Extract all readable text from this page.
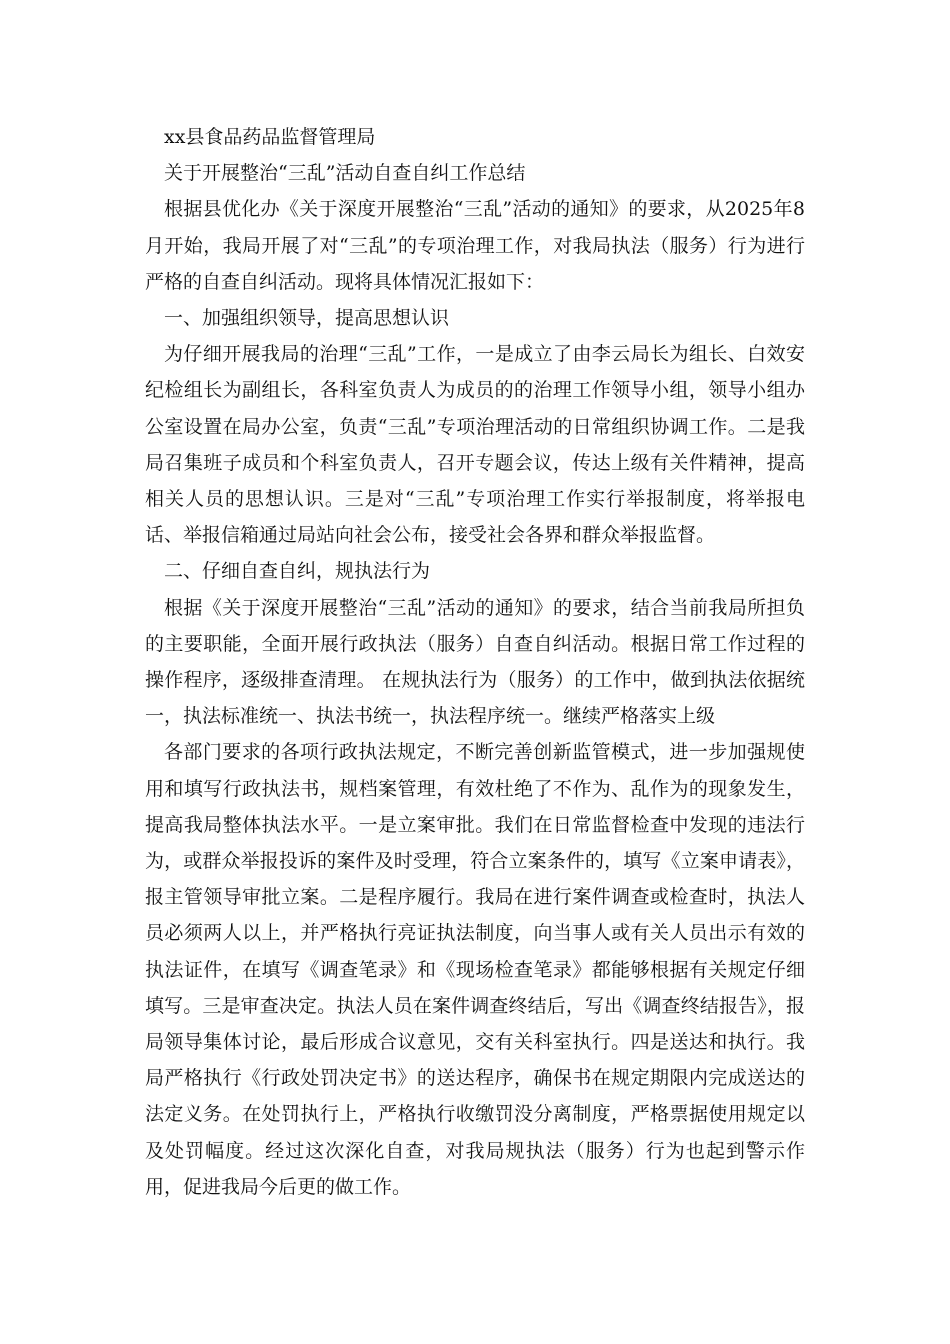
xx县食品药品监督管理局

关于开展整治“三乱”活动自查自纠工作总结

根据县优化办《关于深度开展整治“三乱”活动的通知》的要求，从2025年8月开始，我局开展了对“三乱”的专项治理工作，对我局执法（服务）行为进行严格的自查自纠活动。现将具体情况汇报如下：

一、加强组织领导，提高思想认识

为仔细开展我局的治理“三乱”工作，一是成立了由李云局长为组长、白效安纪检组长为副组长，各科室负责人为成员的的治理工作领导小组，领导小组办公室设置在局办公室，负责“三乱”专项治理活动的日常组织协调工作。二是我局召集班子成员和个科室负责人，召开专题会议，传达上级有关件精神，提高相关人员的思想认识。三是对“三乱”专项治理工作实行举报制度，将举报电话、举报信箱通过局站向社会公布，接受社会各界和群众举报监督。

二、仔细自查自纠，规执法行为

根据《关于深度开展整治“三乱”活动的通知》的要求，结合当前我局所担负的主要职能，全面开展行政执法（服务）自查自纠活动。根据日常工作过程的操作程序，逐级排查清理。 在规执法行为（服务）的工作中，做到执法依据统一，执法标准统一、执法书统一，执法程序统一。继续严格落实上级

各部门要求的各项行政执法规定，不断完善创新监管模式，进一步加强规使用和填写行政执法书，规档案管理，有效杜绝了不作为、乱作为的现象发生，提高我局整体执法水平。一是立案审批。我们在日常监督检查中发现的违法行为，或群众举报投诉的案件及时受理，符合立案条件的，填写《立案申请表》，报主管领导审批立案。二是程序履行。我局在进行案件调查或检查时，执法人员必须两人以上，并严格执行亮证执法制度，向当事人或有关人员出示有效的执法证件，在填写《调查笔录》和《现场检查笔录》都能够根据有关规定仔细填写。三是审查决定。执法人员在案件调查终结后，写出《调查终结报告》，报局领导集体讨论，最后形成合议意见，交有关科室执行。四是送达和执行。我局严格执行《行政处罚决定书》的送达程序，确保书在规定期限内完成送达的法定义务。在处罚执行上，严格执行收缴罚没分离制度，严格票据使用规定以及处罚幅度。经过这次深化自查，对我局规执法（服务）行为也起到警示作用，促进我局今后更的做工作。
